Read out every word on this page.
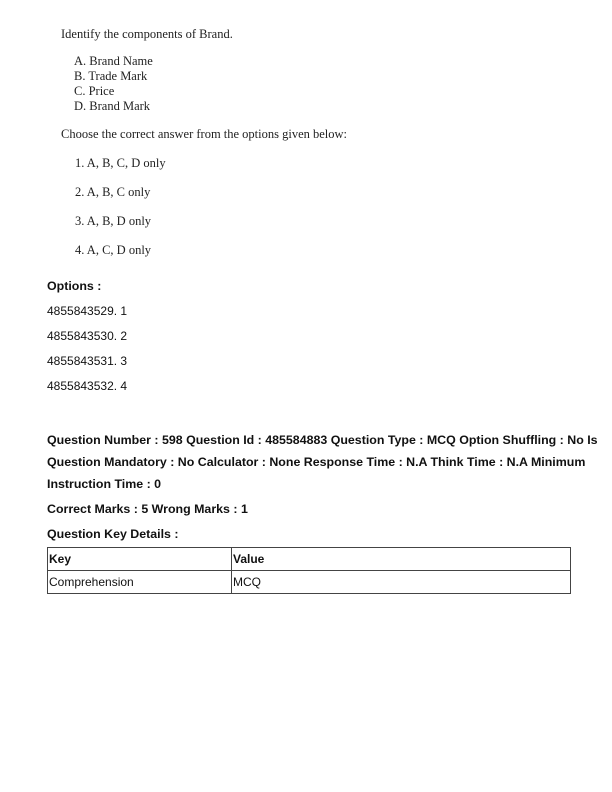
Identify the components of Brand.
A. Brand Name
B. Trade Mark
C. Price
D. Brand Mark
Choose the correct answer from the options given below:
1. A, B, C, D only
2. A, B, C only
3. A, B, D only
4. A, C, D only
Options :
4855843529. 1
4855843530. 2
4855843531. 3
4855843532. 4
Question Number : 598 Question Id : 485584883 Question Type : MCQ Option Shuffling : No Is
Question Mandatory : No Calculator : None Response Time : N.A Think Time : N.A Minimum
Instruction Time : 0
Correct Marks : 5 Wrong Marks : 1
Question Key Details :
Key	Value
Comprehension	MCQ
